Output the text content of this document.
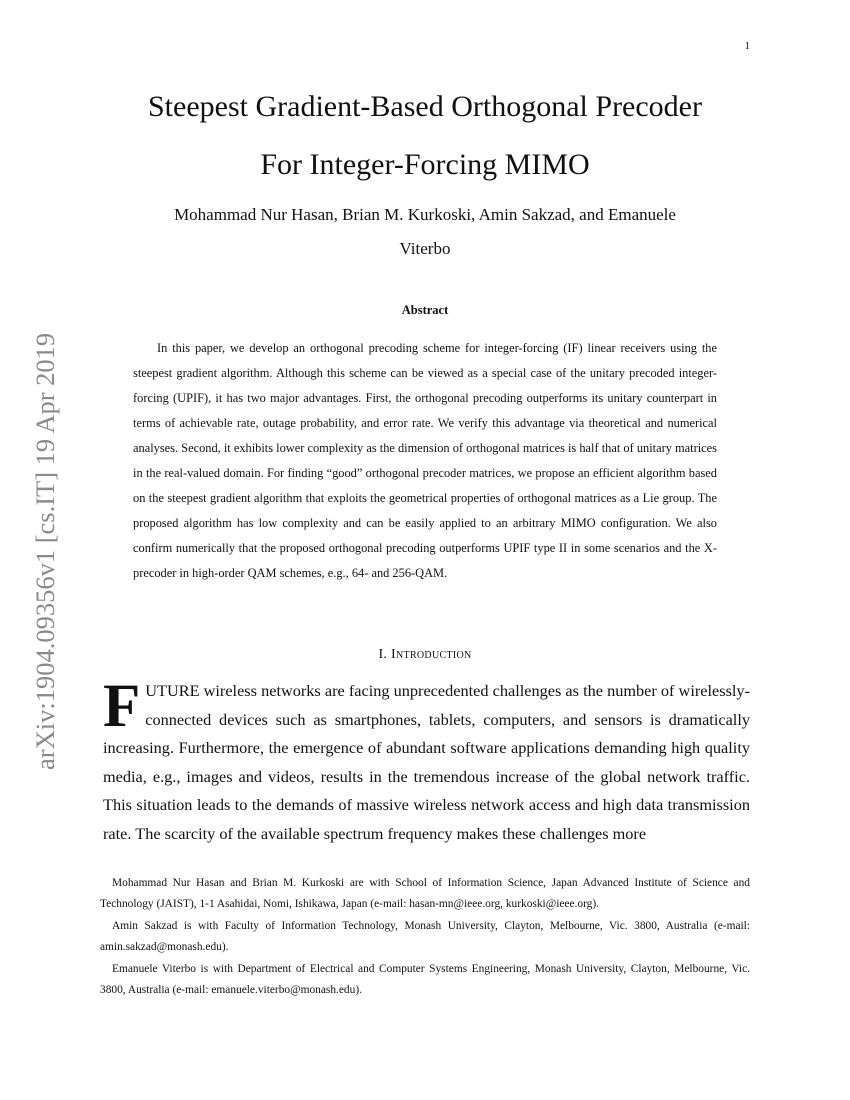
1
arXiv:1904.09356v1 [cs.IT] 19 Apr 2019
Steepest Gradient-Based Orthogonal Precoder
For Integer-Forcing MIMO
Mohammad Nur Hasan, Brian M. Kurkoski, Amin Sakzad, and Emanuele
Viterbo
Abstract

In this paper, we develop an orthogonal precoding scheme for integer-forcing (IF) linear receivers using the steepest gradient algorithm. Although this scheme can be viewed as a special case of the unitary precoded integer-forcing (UPIF), it has two major advantages. First, the orthogonal precoding outperforms its unitary counterpart in terms of achievable rate, outage probability, and error rate. We verify this advantage via theoretical and numerical analyses. Second, it exhibits lower complexity as the dimension of orthogonal matrices is half that of unitary matrices in the real-valued domain. For finding “good” orthogonal precoder matrices, we propose an efficient algorithm based on the steepest gradient algorithm that exploits the geometrical properties of orthogonal matrices as a Lie group. The proposed algorithm has low complexity and can be easily applied to an arbitrary MIMO configuration. We also confirm numerically that the proposed orthogonal precoding outperforms UPIF type II in some scenarios and the X-precoder in high-order QAM schemes, e.g., 64- and 256-QAM.

I. Introduction

FUTURE wireless networks are facing unprecedented challenges as the number of wirelessly-connected devices such as smartphones, tablets, computers, and sensors is dramatically increasing. Furthermore, the emergence of abundant software applications demanding high quality media, e.g., images and videos, results in the tremendous increase of the global network traffic. This situation leads to the demands of massive wireless network access and high data transmission rate. The scarcity of the available spectrum frequency makes these challenges more

Mohammad Nur Hasan and Brian M. Kurkoski are with School of Information Science, Japan Advanced Institute of Science and Technology (JAIST), 1-1 Asahidai, Nomi, Ishikawa, Japan (e-mail: hasan-mn@ieee.org, kurkoski@ieee.org).

Amin Sakzad is with Faculty of Information Technology, Monash University, Clayton, Melbourne, Vic. 3800, Australia (e-mail: amin.sakzad@monash.edu).

Emanuele Viterbo is with Department of Electrical and Computer Systems Engineering, Monash University, Clayton, Melbourne, Vic. 3800, Australia (e-mail: emanuele.viterbo@monash.edu).
